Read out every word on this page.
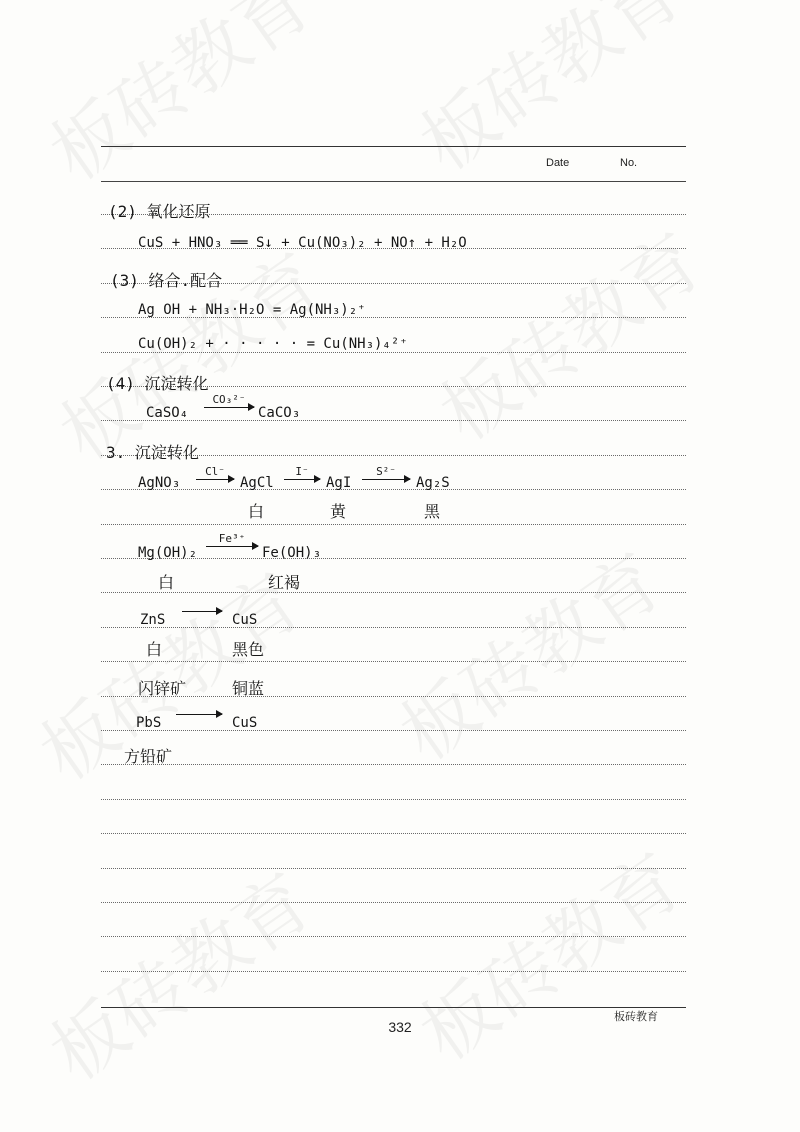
Date	No.
(2) 氧化还原
CuS + HNO₃ ══ S↓ + Cu(NO₃)₂ + NO↑ + H₂O
(3) 络合.配合
Ag OH + NH₃·H₂O = Ag(NH₃)₂⁺
Cu(OH)₂ + · · · · · = Cu(NH₃)₄²⁺
(4) 沉淀转化
CaSO₄
CO₃²⁻
CaCO₃
3. 沉淀转化
AgNO₃
Cl⁻
AgCl
I⁻
AgI
S²⁻
Ag₂S
白	黄	黑
Mg(OH)₂
Fe³⁺
Fe(OH)₃
白	红褐
ZnS → CuS
白	黑色
闪锌矿	铜蓝
PbS → CuS
方铅矿
板砖教育
332
